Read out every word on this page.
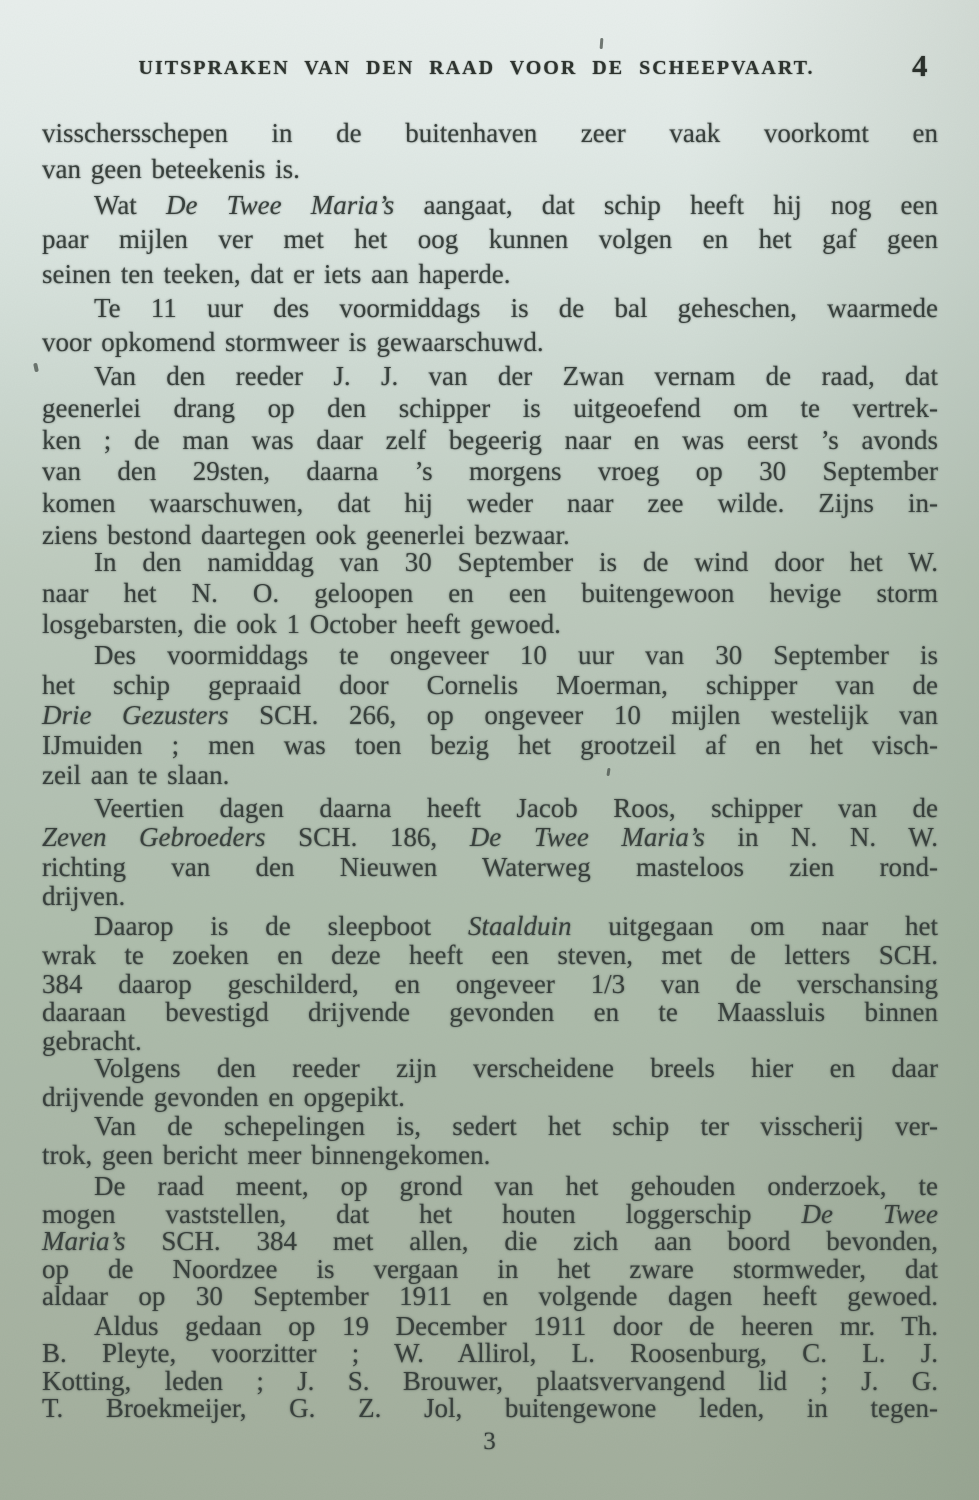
UITSPRAKEN VAN DEN RAAD VOOR DE SCHEEPVAART.	4
visschersschepen in de buitenhaven zeer vaak voorkomt en
van geen beteekenis is.
Wat De Twee Maria’s aangaat, dat schip heeft hij nog een
paar mijlen ver met het oog kunnen volgen en het gaf geen
seinen ten teeken, dat er iets aan haperde.
Te 11 uur des voormiddags is de bal geheschen, waarmede
voor opkomend stormweer is gewaarschuwd.
Van den reeder J. J. van der Zwan vernam de raad, dat
geenerlei drang op den schipper is uitgeoefend om te vertrek-
ken ; de man was daar zelf begeerig naar en was eerst ’s avonds
van den 29sten, daarna ’s morgens vroeg op 30 September
komen waarschuwen, dat hij weder naar zee wilde. Zijns in-
ziens bestond daartegen ook geenerlei bezwaar.
In den namiddag van 30 September is de wind door het W.
naar het N. O. geloopen en een buitengewoon hevige storm
losgebarsten, die ook 1 October heeft gewoed.
Des voormiddags te ongeveer 10 uur van 30 September is
het schip gepraaid door Cornelis Moerman, schipper van de
Drie Gezusters SCH. 266, op ongeveer 10 mijlen westelijk van
IJmuiden ; men was toen bezig het grootzeil af en het visch-
zeil aan te slaan.
Veertien dagen daarna heeft Jacob Roos, schipper van de
Zeven Gebroeders SCH. 186, De Twee Maria’s in N. N. W.
richting van den Nieuwen Waterweg masteloos zien rond-
drijven.
Daarop is de sleepboot Staalduin uitgegaan om naar het
wrak te zoeken en deze heeft een steven, met de letters SCH.
384 daarop geschilderd, en ongeveer 1/3 van de verschansing
daaraan bevestigd drijvende gevonden en te Maassluis binnen
gebracht.
Volgens den reeder zijn verscheidene breels hier en daar
drijvende gevonden en opgepikt.
Van de schepelingen is, sedert het schip ter visscherij ver-
trok, geen bericht meer binnengekomen.
De raad meent, op grond van het gehouden onderzoek, te
mogen vaststellen, dat het houten loggerschip De Twee
Maria’s SCH. 384 met allen, die zich aan boord bevonden,
op de Noordzee is vergaan in het zware stormweder, dat
aldaar op 30 September 1911 en volgende dagen heeft gewoed.
Aldus gedaan op 19 December 1911 door de heeren mr. Th.
B. Pleyte, voorzitter ; W. Allirol, L. Roosenburg, C. L. J.
Kotting, leden ; J. S. Brouwer, plaatsvervangend lid ; J. G.
T. Broekmeijer, G. Z. Jol, buitengewone leden, in tegen-
3
